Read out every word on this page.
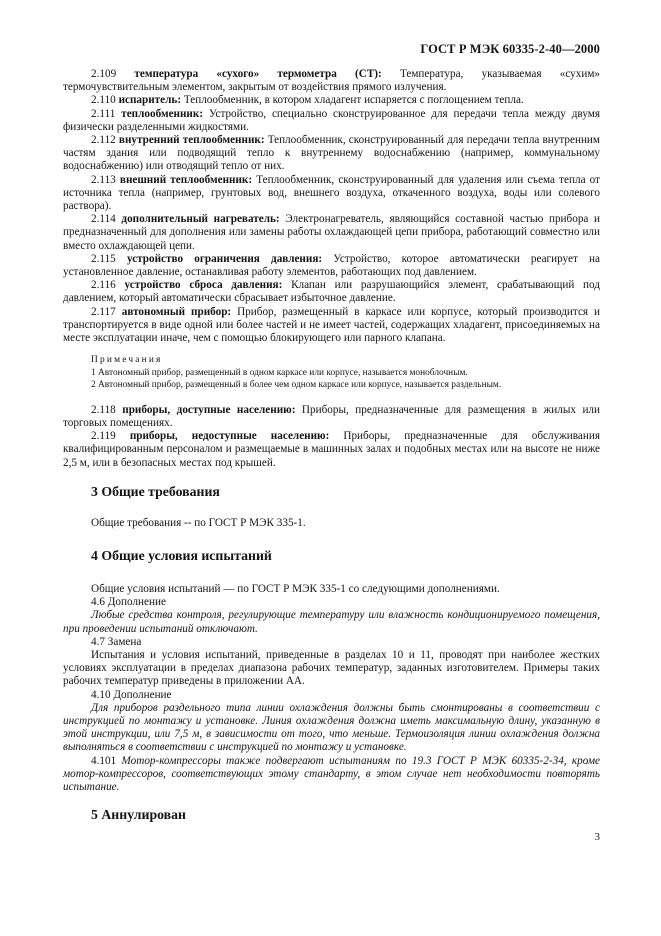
ГОСТ Р МЭК 60335-2-40—2000

2.109 температура «сухого» термометра (СТ): Температура, указываемая «сухим» термочувствительным элементом, закрытым от воздействия прямого излучения.

2.110 испаритель: Теплообменник, в котором хладагент испаряется с поглощением тепла.

2.111 теплообменник: Устройство, специально сконструированное для передачи тепла между двумя физически разделенными жидкостями.

2.112 внутренний теплообменник: Теплообменник, сконструированный для передачи тепла внутренним частям здания или подводящий тепло к внутреннему водоснабжению (например, коммунальному водоснабжению) или отводящий тепло от них.

2.113 внешний теплообменник: Теплообменник, сконструированный для удаления или съема тепла от источника тепла (например, грунтовых вод, внешнего воздуха, откаченного воздуха, воды или солевого раствора).

2.114 дополнительный нагреватель: Электронагреватель, являющийся составной частью прибора и предназначенный для дополнения или замены работы охлаждающей цепи прибора, работающий совместно или вместо охлаждающей цепи.

2.115 устройство ограничения давления: Устройство, которое автоматически реагирует на установленное давление, останавливая работу элементов, работающих под давлением.

2.116 устройство сброса давления: Клапан или разрушающийся элемент, срабатывающий под давлением, который автоматически сбрасывает избыточное давление.

2.117 автономный прибор: Прибор, размещенный в каркасе или корпусе, который производится и транспортируется в виде одной или более частей и не имеет частей, содержащих хладагент, присоединяемых на месте эксплуатации иначе, чем с помощью блокирующего или парного клапана.

Примечания
1 Автономный прибор, размещенный в одном каркасе или корпусе, называется моноблочным.
2 Автономный прибор, размещенный в более чем одном каркасе или корпусе, называется раздельным.

2.118 приборы, доступные населению: Приборы, предназначенные для размещения в жилых или торговых помещениях.

2.119 приборы, недоступные населению: Приборы, предназначенные для обслуживания квалифицированным персоналом и размещаемые в машинных залах и подобных местах или на высоте не ниже 2,5 м, или в безопасных местах под крышей.

3 Общие требования

Общие требования -- по ГОСТ Р МЭК 335-1.

4 Общие условия испытаний

Общие условия испытаний — по ГОСТ Р МЭК 335-1 со следующими дополнениями.

4.6 Дополнение

Любые средства контроля, регулирующие температуру или влажность кондиционируемого помещения, при проведении испытаний отключают.

4.7 Замена

Испытания и условия испытаний, приведенные в разделах 10 и 11, проводят при наиболее жестких условиях эксплуатации в пределах диапазона рабочих температур, заданных изготовителем. Примеры таких рабочих температур приведены в приложении АА.

4.10 Дополнение

Для приборов раздельного типа линии охлаждения должны быть смонтированы в соответствии с инструкцией по монтажу и установке. Линия охлаждения должна иметь максимальную длину, указанную в этой инструкции, или 7,5 м, в зависимости от того, что меньше. Термоизоляция линии охлаждения должна выполняться в соответствии с инструкцией по монтажу и установке.

4.101 Мотор-компрессоры также подвергают испытаниям по 19.3 ГОСТ Р МЭК 60335-2-34, кроме мотор-компрессоров, соответствующих этому стандарту, в этом случае нет необходимости повторять испытание.

5 Аннулирован
3
